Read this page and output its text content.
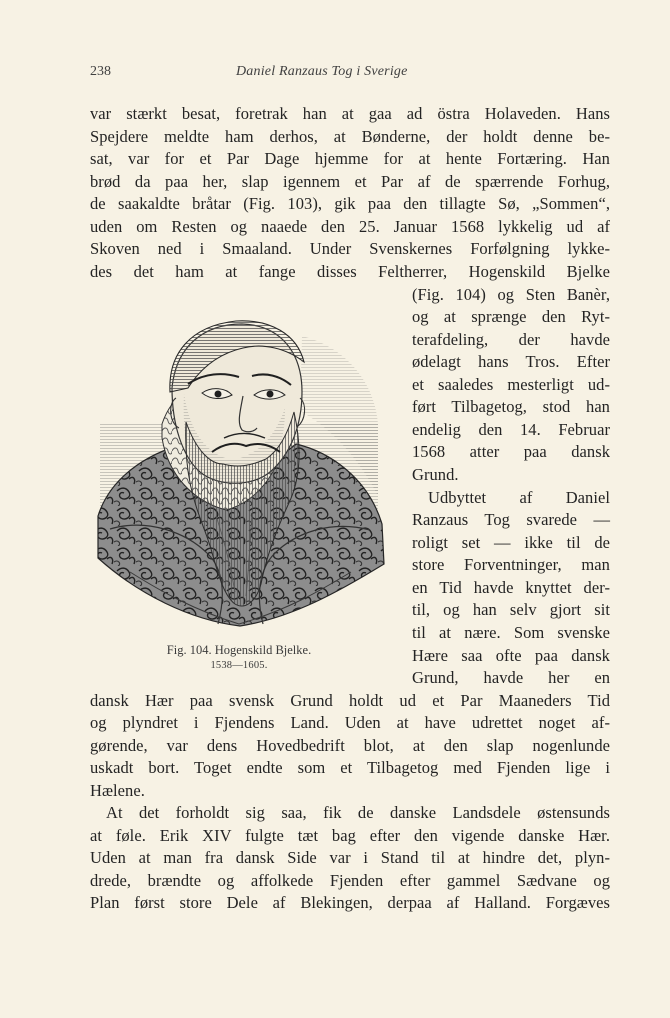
238	Daniel Ranzaus Tog i Sverige
var stærkt besat, foretrak han at gaa ad östra Holaveden. Hans
Spejdere meldte ham derhos, at Bønderne, der holdt denne be-
sat, var for et Par Dage hjemme for at hente Fortæring. Han
brød da paa her, slap igennem et Par af de spærrende Forhug,
de saakaldte bråtar (Fig. 103), gik paa den tillagte Sø, „Sommen“,
uden om Resten og naaede den 25. Januar 1568 lykkelig ud af
Skoven ned i Smaaland. Under Svenskernes Forfølgning lykke-
des det ham at fange disses Feltherrer, Hogenskild Bjelke
(Fig. 104) og Sten Banèr,
og at sprænge den Ryt-
terafdeling, der havde
ødelagt hans Tros. Efter
et saaledes mesterligt ud-
ført Tilbagetog, stod han
endelig den 14. Februar
1568 atter paa dansk
Grund.
Udbyttet af Daniel
Ranzaus Tog svarede —
roligt set — ikke til de
store Forventninger, man
en Tid havde knyttet der-
til, og han selv gjort sit
til at nære. Som svenske
Hære saa ofte paa dansk
Grund, havde her en
dansk Hær paa svensk Grund holdt ud et Par Maaneders Tid
og plyndret i Fjendens Land. Uden at have udrettet noget af-
gørende, var dens Hovedbedrift blot, at den slap nogenlunde
uskadt bort. Toget endte som et Tilbagetog med Fjenden lige i
Hælene.
At det forholdt sig saa, fik de danske Landsdele østensunds
at føle. Erik XIV fulgte tæt bag efter den vigende danske Hær.
Uden at man fra dansk Side var i Stand til at hindre det, plyn-
drede, brændte og affolkede Fjenden efter gammel Sædvane og
Plan først store Dele af Blekingen, derpaa af Halland. Forgæves
Fig. 104. Hogenskild Bjelke.
1538—1605.
